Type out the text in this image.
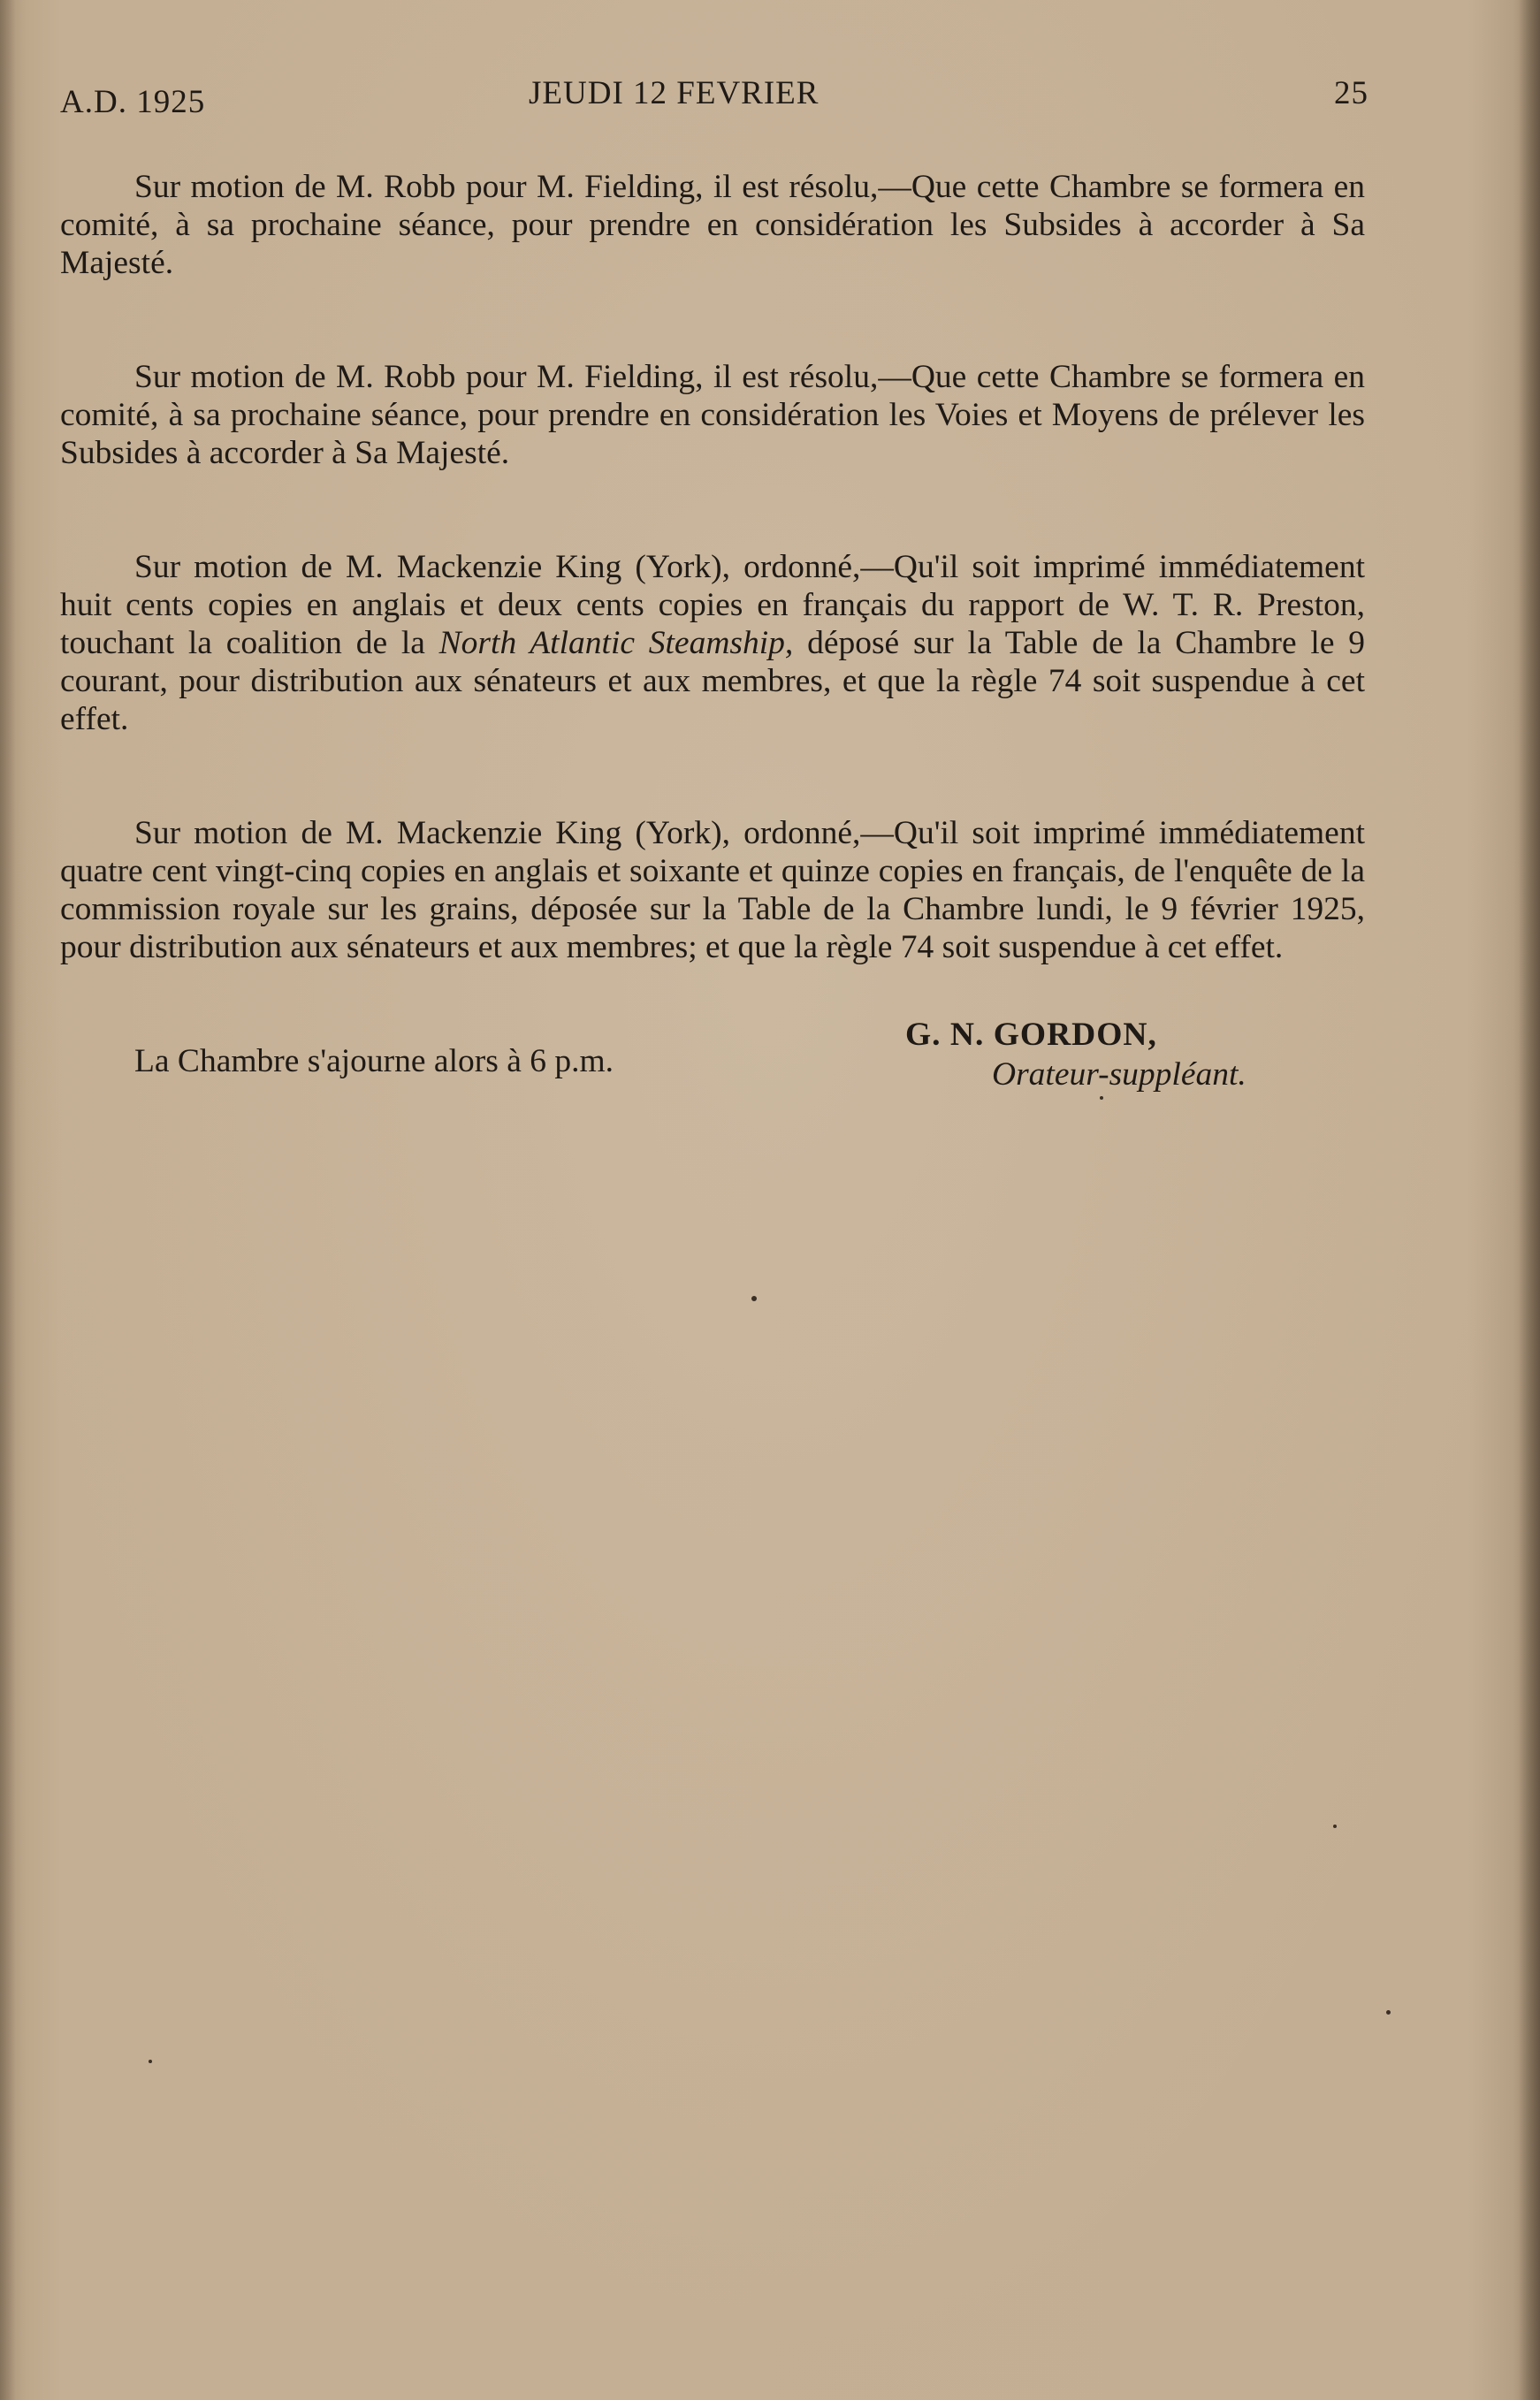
A.D. 1925	JEUDI 12 FEVRIER	25

Sur motion de M. Robb pour M. Fielding, il est résolu,—Que cette Chambre se formera en comité, à sa prochaine séance, pour prendre en considération les Subsides à accorder à Sa Majesté.

Sur motion de M. Robb pour M. Fielding, il est résolu,—Que cette Chambre se formera en comité, à sa prochaine séance, pour prendre en considération les Voies et Moyens de prélever les Subsides à accorder à Sa Majesté.

Sur motion de M. Mackenzie King (York), ordonné,—Qu'il soit imprimé immédiatement huit cents copies en anglais et deux cents copies en français du rapport de W. T. R. Preston, touchant la coalition de la North Atlantic Steamship, déposé sur la Table de la Chambre le 9 courant, pour distribution aux sénateurs et aux membres, et que la règle 74 soit suspendue à cet effet.

Sur motion de M. Mackenzie King (York), ordonné,—Qu'il soit imprimé immédiatement quatre cent vingt-cinq copies en anglais et soixante et quinze copies en français, de l'enquête de la commission royale sur les grains, déposée sur la Table de la Chambre lundi, le 9 février 1925, pour distribution aux sénateurs et aux membres; et que la règle 74 soit suspendue à cet effet.

La Chambre s'ajourne alors à 6 p.m.

G. N. GORDON,
Orateur-suppléant.
